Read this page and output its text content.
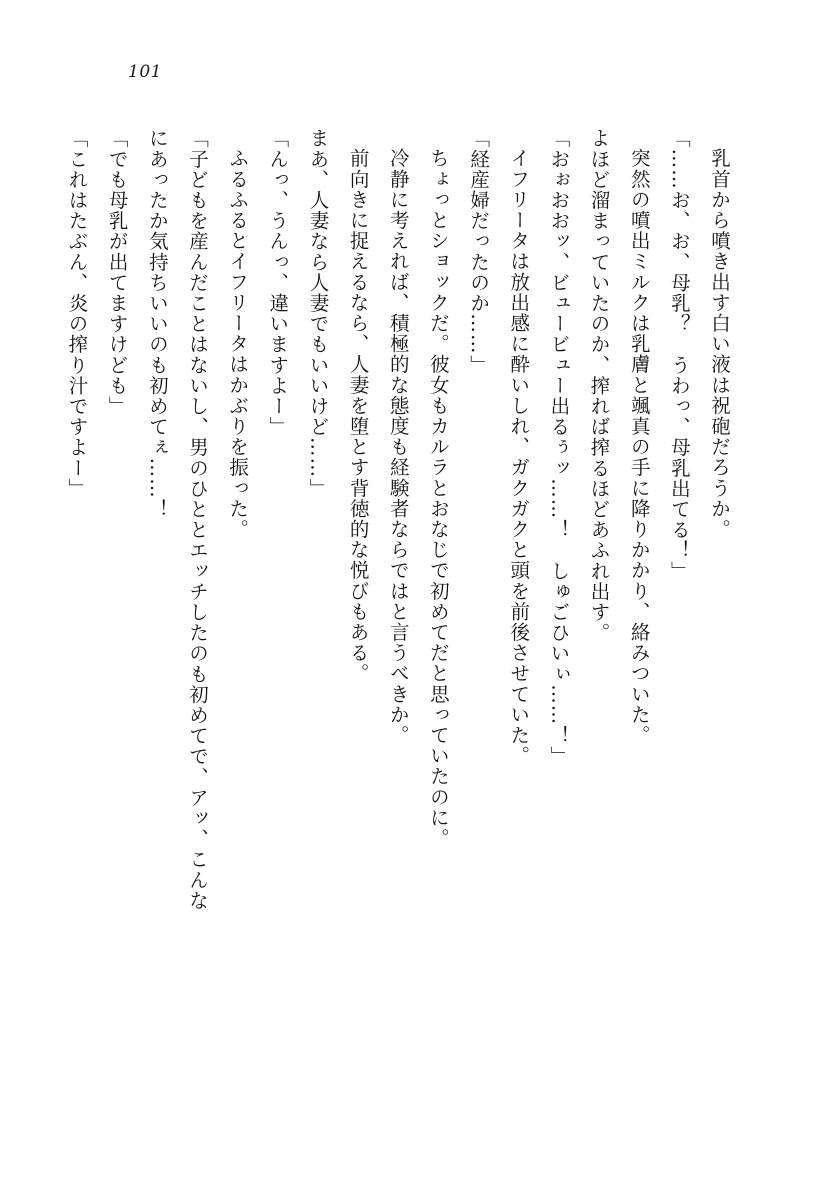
101

乳首から噴き出す白い液は祝砲だろうか。

「……お、お、母乳？　うわっ、母乳出てる！」

突然の噴出ミルクは乳膚と颯真の手に降りかかり、絡みついた。

よほど溜まっていたのか、搾れば搾るほどあふれ出す。

「おぉおおッ、ビュービュー出るぅッ……！　しゅごひいぃ……！」

イフリータは放出感に酔いしれ、ガクガクと頭を前後させていた。

「経産婦だったのか……」

ちょっとショックだ。彼女もカルラとおなじで初めてだと思っていたのに。

冷静に考えれば、積極的な態度も経験者ならではと言うべきか。

前向きに捉えるなら、人妻を堕とす背徳的な悦びもある。

まあ、人妻なら人妻でもいいけど……」

「んっ、うんっ、違いますよー」

ふるふるとイフリータはかぶりを振った。

「子どもを産んだことはないし、男のひととエッチしたのも初めてで、アッ、こんな

にあったか気持ちいいのも初めてぇ……！

「でも母乳が出てますけども」

「これはたぶん、炎の搾り汁ですよー」
